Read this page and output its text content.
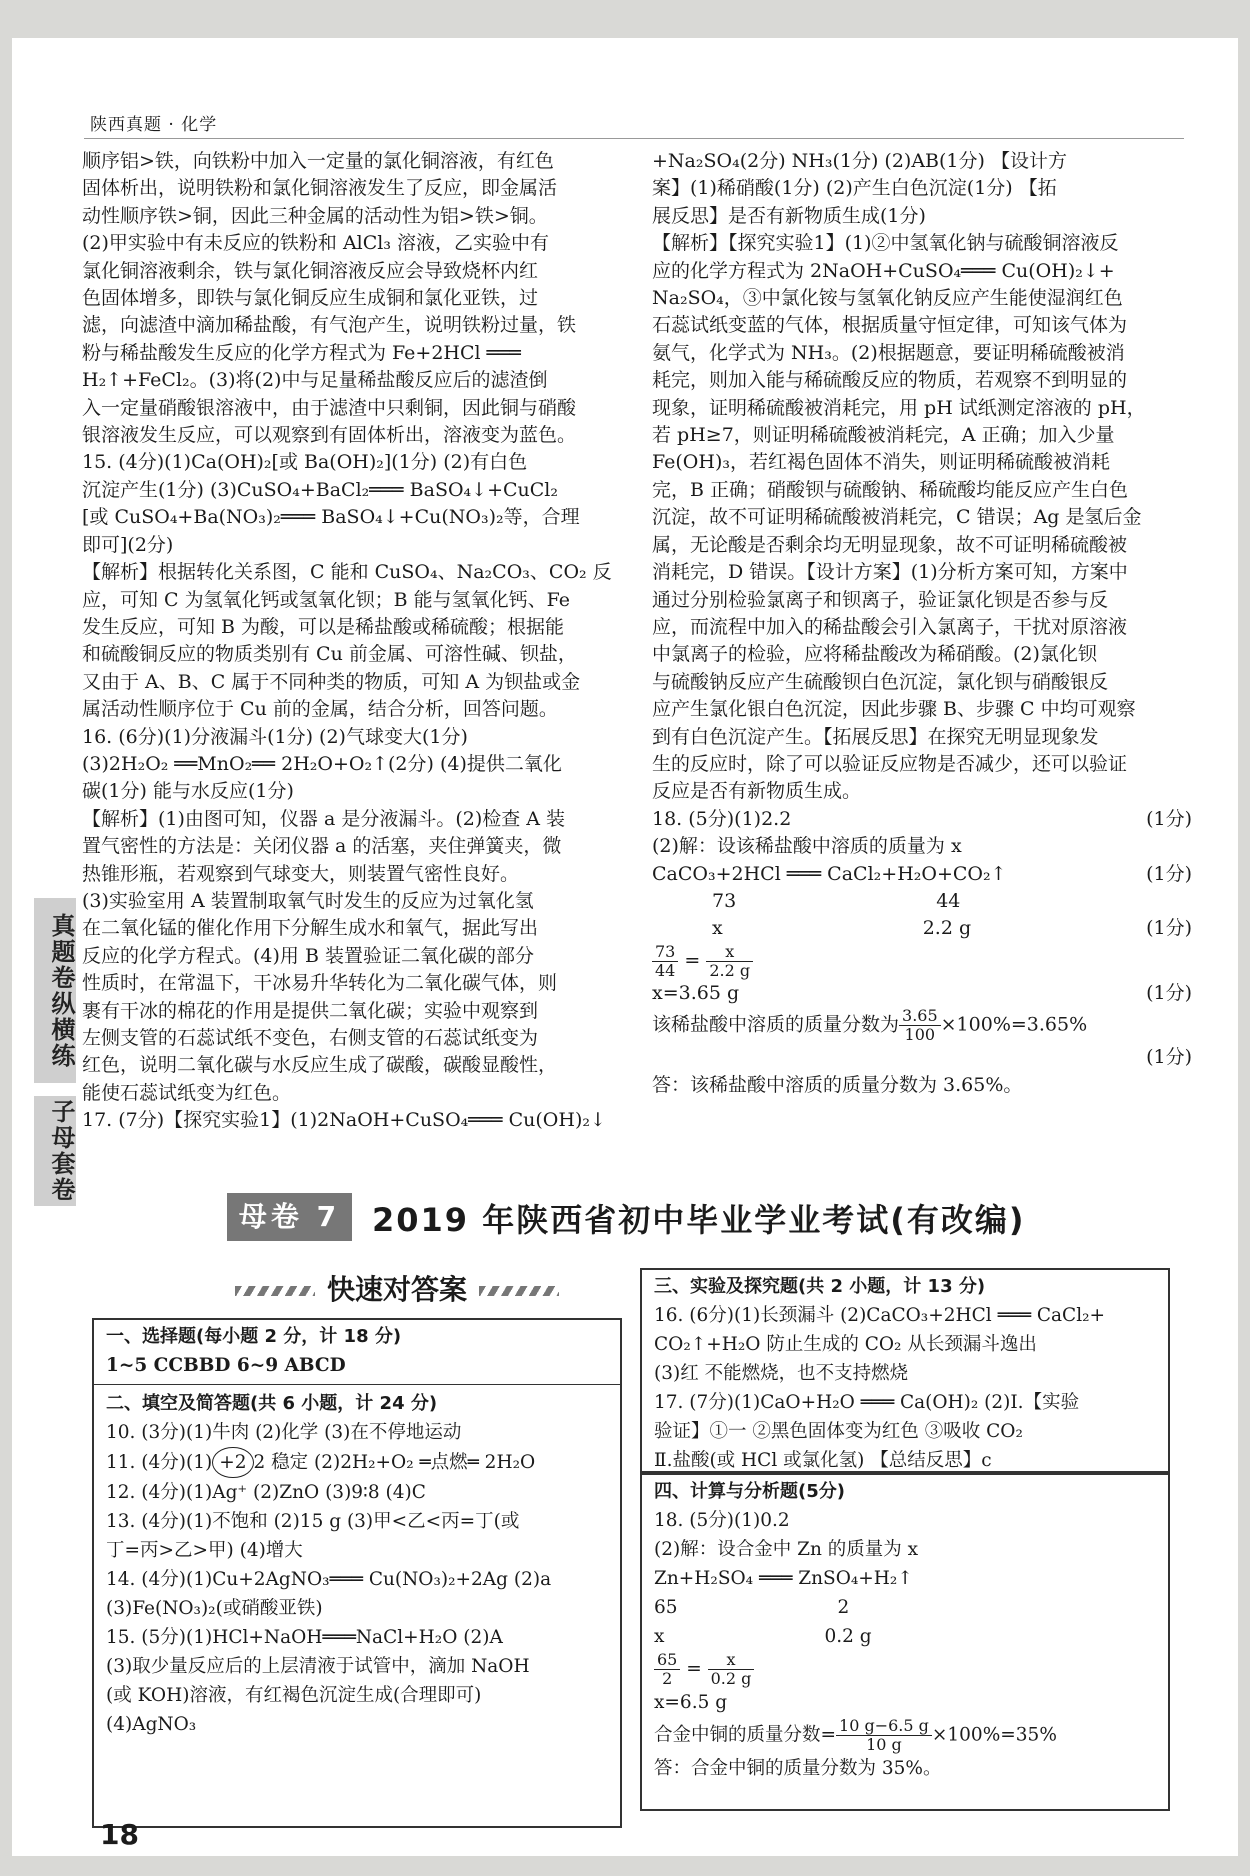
陕西真题 · 化学

顺序铝>铁，向铁粉中加入一定量的氯化铜溶液，有红色

固体析出，说明铁粉和氯化铜溶液发生了反应，即金属活

动性顺序铁>铜，因此三种金属的活动性为铝>铁>铜。

(2)甲实验中有未反应的铁粉和 AlCl₃ 溶液，乙实验中有

氯化铜溶液剩余，铁与氯化铜溶液反应会导致烧杯内红

色固体增多，即铁与氯化铜反应生成铜和氯化亚铁，过

滤，向滤渣中滴加稀盐酸，有气泡产生，说明铁粉过量，铁

粉与稀盐酸发生反应的化学方程式为 Fe+2HCl ═══

H₂↑+FeCl₂。(3)将(2)中与足量稀盐酸反应后的滤渣倒

入一定量硝酸银溶液中，由于滤渣中只剩铜，因此铜与硝酸

银溶液发生反应，可以观察到有固体析出，溶液变为蓝色。

15. (4分)(1)Ca(OH)₂[或 Ba(OH)₂](1分) (2)有白色

沉淀产生(1分) (3)CuSO₄+BaCl₂═══ BaSO₄↓+CuCl₂

[或 CuSO₄+Ba(NO₃)₂═══ BaSO₄↓+Cu(NO₃)₂等，合理

即可](2分)

【解析】根据转化关系图，C 能和 CuSO₄、Na₂CO₃、CO₂ 反

应，可知 C 为氢氧化钙或氢氧化钡；B 能与氢氧化钙、Fe

发生反应，可知 B 为酸，可以是稀盐酸或稀硫酸；根据能

和硫酸铜反应的物质类别有 Cu 前金属、可溶性碱、钡盐，

又由于 A、B、C 属于不同种类的物质，可知 A 为钡盐或金

属活动性顺序位于 Cu 前的金属，结合分析，回答问题。

16. (6分)(1)分液漏斗(1分) (2)气球变大(1分)

(3)2H₂O₂ ══MnO₂══ 2H₂O+O₂↑(2分) (4)提供二氧化

碳(1分) 能与水反应(1分)

【解析】(1)由图可知，仪器 a 是分液漏斗。(2)检查 A 装

置气密性的方法是：关闭仪器 a 的活塞，夹住弹簧夹，微

热锥形瓶，若观察到气球变大，则装置气密性良好。

(3)实验室用 A 装置制取氧气时发生的反应为过氧化氢

在二氧化锰的催化作用下分解生成水和氧气，据此写出

反应的化学方程式。(4)用 B 装置验证二氧化碳的部分

性质时，在常温下，干冰易升华转化为二氧化碳气体，则

裹有干冰的棉花的作用是提供二氧化碳；实验中观察到

左侧支管的石蕊试纸不变色，右侧支管的石蕊试纸变为

红色，说明二氧化碳与水反应生成了碳酸，碳酸显酸性，

能使石蕊试纸变为红色。

17. (7分)【探究实验1】(1)2NaOH+CuSO₄═══ Cu(OH)₂↓

+Na₂SO₄(2分) NH₃(1分) (2)AB(1分) 【设计方

案】(1)稀硝酸(1分) (2)产生白色沉淀(1分) 【拓

展反思】是否有新物质生成(1分)

【解析】【探究实验1】(1)②中氢氧化钠与硫酸铜溶液反

应的化学方程式为 2NaOH+CuSO₄═══ Cu(OH)₂↓+

Na₂SO₄，③中氯化铵与氢氧化钠反应产生能使湿润红色

石蕊试纸变蓝的气体，根据质量守恒定律，可知该气体为

氨气，化学式为 NH₃。(2)根据题意，要证明稀硫酸被消

耗完，则加入能与稀硫酸反应的物质，若观察不到明显的

现象，证明稀硫酸被消耗完，用 pH 试纸测定溶液的 pH，

若 pH≥7，则证明稀硫酸被消耗完，A 正确；加入少量

Fe(OH)₃，若红褐色固体不消失，则证明稀硫酸被消耗

完，B 正确；硝酸钡与硫酸钠、稀硫酸均能反应产生白色

沉淀，故不可证明稀硫酸被消耗完，C 错误；Ag 是氢后金

属，无论酸是否剩余均无明显现象，故不可证明稀硫酸被

消耗完，D 错误。【设计方案】(1)分析方案可知，方案中

通过分别检验氯离子和钡离子，验证氯化钡是否参与反

应，而流程中加入的稀盐酸会引入氯离子，干扰对原溶液

中氯离子的检验，应将稀盐酸改为稀硝酸。(2)氯化钡

与硫酸钠反应产生硫酸钡白色沉淀，氯化钡与硝酸银反

应产生氯化银白色沉淀，因此步骤 B、步骤 C 中均可观察

到有白色沉淀产生。【拓展反思】在探究无明显现象发

生的反应时，除了可以验证反应物是否减少，还可以验证

反应是否有新物质生成。

18. (5分)(1)2.2	(1分)
(2)解：设该稀盐酸中溶质的质量为 x
CaCO₃+2HCl ═══ CaCl₂+H₂O+CO₂↑	(1分)
73	44
x	2.2 g	(1分)
$\frac{73}{44} = \frac{x}{2.2 g}$
x=3.65 g	(1分)
该稀盐酸中溶质的质量分数为 $\frac{3.65}{100} \times 100\%=3.65\%$
(1分)
答：该稀盐酸中溶质的质量分数为 3.65%。
真题卷纵横练
子母套卷
母卷 7 2019 年陕西省初中毕业学业考试(有改编)
快速对答案
一、选择题(每小题 2 分，计 18 分)
1~5 CCBBD 6~9 ABCD
二、填空及简答题(共 6 小题，计 24 分)
10. (3分)(1)牛肉 (2)化学 (3)在不停地运动
11. (4分)(1) +2 2 稳定 (2)2H₂+O₂ ═点燃═ 2H₂O
12. (4分)(1)Ag⁺ (2)ZnO (3)9∶8 (4)C
13. (4分)(1)不饱和 (2)15 g (3)甲<乙<丙=丁(或
丁=丙>乙>甲) (4)增大
14. (4分)(1)Cu+2AgNO₃═══ Cu(NO₃)₂+2Ag (2)a
(3)Fe(NO₃)₂(或硝酸亚铁)
15. (5分)(1)HCl+NaOH═══NaCl+H₂O (2)A
(3)取少量反应后的上层清液于试管中，滴加 NaOH
(或 KOH)溶液，有红褐色沉淀生成(合理即可)
(4)AgNO₃
三、实验及探究题(共 2 小题，计 13 分)
16. (6分)(1)长颈漏斗 (2)CaCO₃+2HCl ═══ CaCl₂+
CO₂↑+H₂O 防止生成的 CO₂ 从长颈漏斗逸出
(3)红 不能燃烧，也不支持燃烧
17. (7分)(1)CaO+H₂O ═══ Ca(OH)₂ (2)Ⅰ.【实验
验证】①一 ②黑色固体变为红色 ③吸收 CO₂
Ⅱ.盐酸(或 HCl 或氯化氢) 【总结反思】c
四、计算与分析题(5分)
18. (5分)(1)0.2
(2)解：设合金中 Zn 的质量为 x
Zn+H₂SO₄ ═══ ZnSO₄+H₂↑
65	2
x	0.2 g
$\frac{65}{2} = \frac{x}{0.2 g}$
x=6.5 g
合金中铜的质量分数= $\frac{10 g-6.5 g}{10 g} \times 100\%=35\%$
答：合金中铜的质量分数为 35%。
18
